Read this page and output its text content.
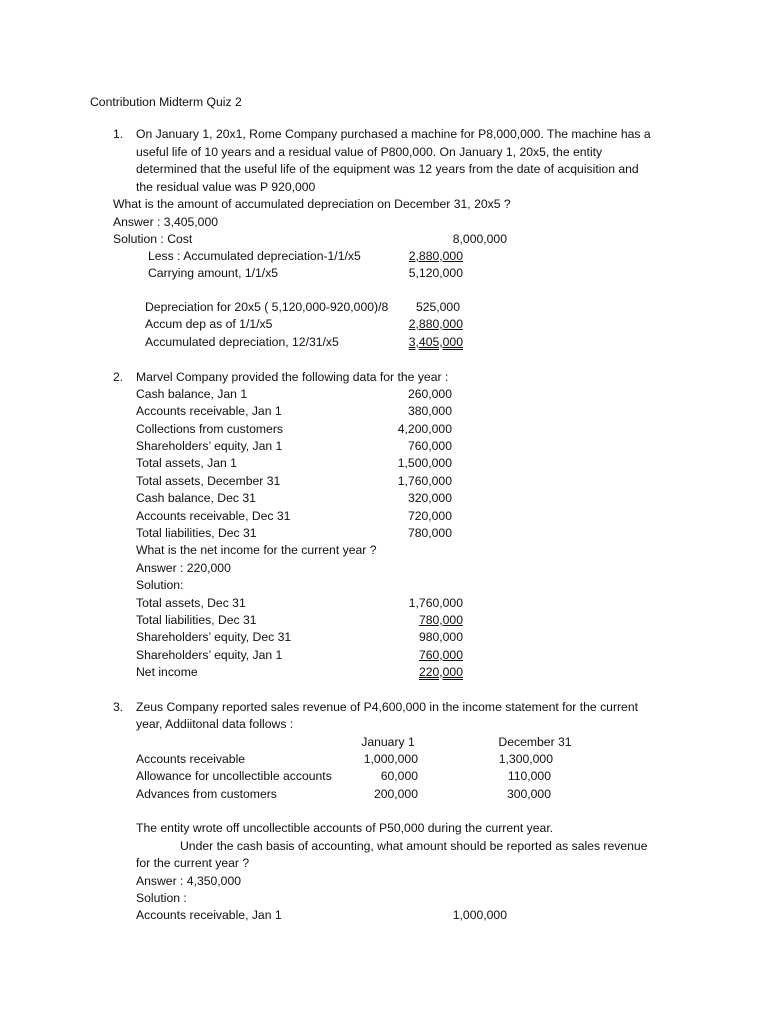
Contribution Midterm Quiz 2
1. On January 1, 20x1, Rome Company purchased a machine for P8,000,000. The machine has a
useful life of 10 years and a residual value of P800,000. On January 1, 20x5, the entity
determined that the useful life of the equipment was 12 years from the date of acquisition and
the residual value was P 920,000
What is the amount of accumulated depreciation on December 31, 20x5 ?
Answer : 3,405,000
Solution : Cost	8,000,000
Less : Accumulated depreciation-1/1/x5	2,880,000
Carrying amount, 1/1/x5	5,120,000
Depreciation for 20x5 ( 5,120,000-920,000)/8	525,000
Accum dep as of 1/1/x5	2,880,000
Accumulated depreciation, 12/31/x5	3,405,000
2. Marvel Company provided the following data for the year :
Cash balance, Jan 1	260,000
Accounts receivable, Jan 1	380,000
Collections from customers	4,200,000
Shareholders’ equity, Jan 1	760,000
Total assets, Jan 1	1,500,000
Total assets, December 31	1,760,000
Cash balance, Dec 31	320,000
Accounts receivable, Dec 31	720,000
Total liabilities, Dec 31	780,000
What is the net income for the current year ?
Answer : 220,000
Solution:
Total assets, Dec 31	1,760,000
Total liabilities, Dec 31	780,000
Shareholders’ equity, Dec 31	980,000
Shareholders’ equity, Jan 1	760,000
Net income	220,000
3. Zeus Company reported sales revenue of P4,600,000 in the income statement for the current
year, Addiitonal data follows :
January 1	December 31
Accounts receivable	1,000,000	1,300,000
Allowance for uncollectible accounts	60,000	110,000
Advances from customers	200,000	300,000
The entity wrote off uncollectible accounts of P50,000 during the current year.
Under the cash basis of accounting, what amount should be reported as sales revenue
for the current year ?
Answer : 4,350,000
Solution :
Accounts receivable, Jan 1	1,000,000
